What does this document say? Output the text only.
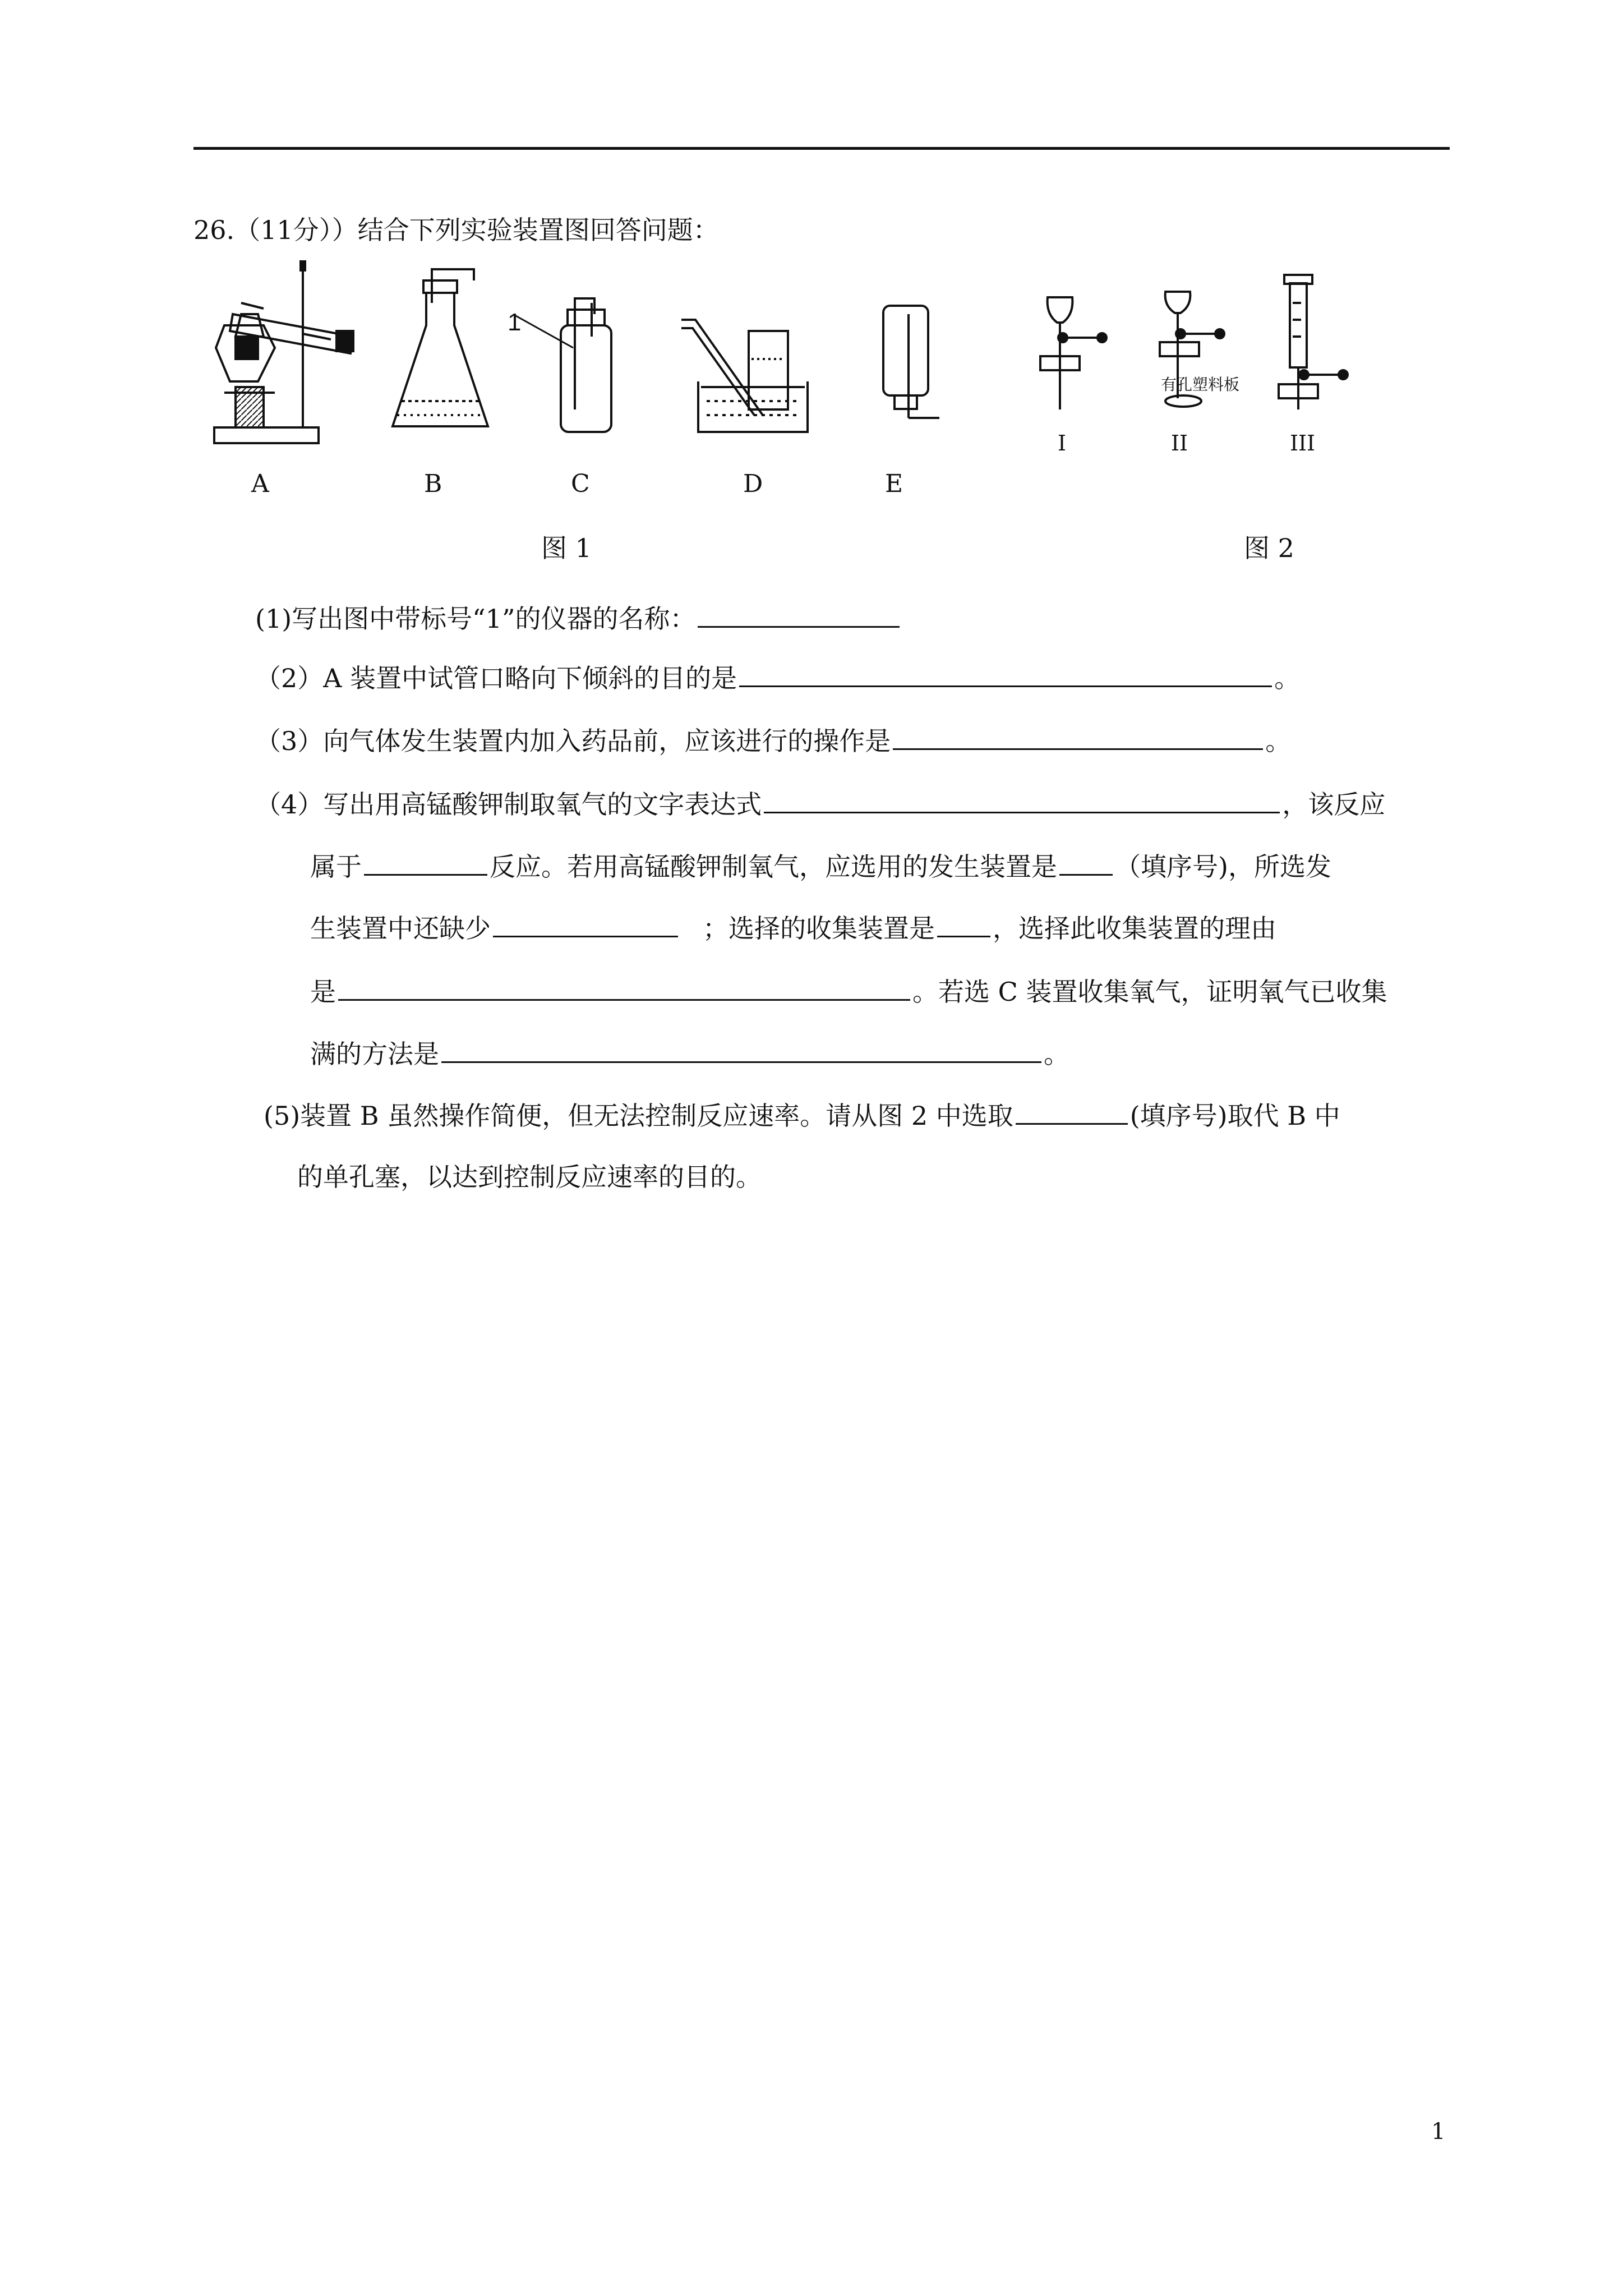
26.（11分））结合下列实验装置图回答问题：
1
A	B	C	D	E
I	II	III
有孔塑料板
图 1	图 2
(1)写出图中带标号“1”的仪器的名称：
（2）A 装置中试管口略向下倾斜的目的是	。
（3）向气体发生装置内加入药品前，应该进行的操作是	。
（4）写出用高锰酸钾制取氧气的文字表达式	，该反应
属于	反应。若用高锰酸钾制氧气，应选用的发生装置是 （填序号)，所选发
生装置中还缺少	；选择的收集装置是 ，选择此收集装置的理由
是	。若选 C 装置收集氧气，证明氧气已收集
满的方法是	。
(5)装置 B 虽然操作简便，但无法控制反应速率。请从图 2 中选取	(填序号)取代 B 中
的单孔塞，以达到控制反应速率的目的。
1
